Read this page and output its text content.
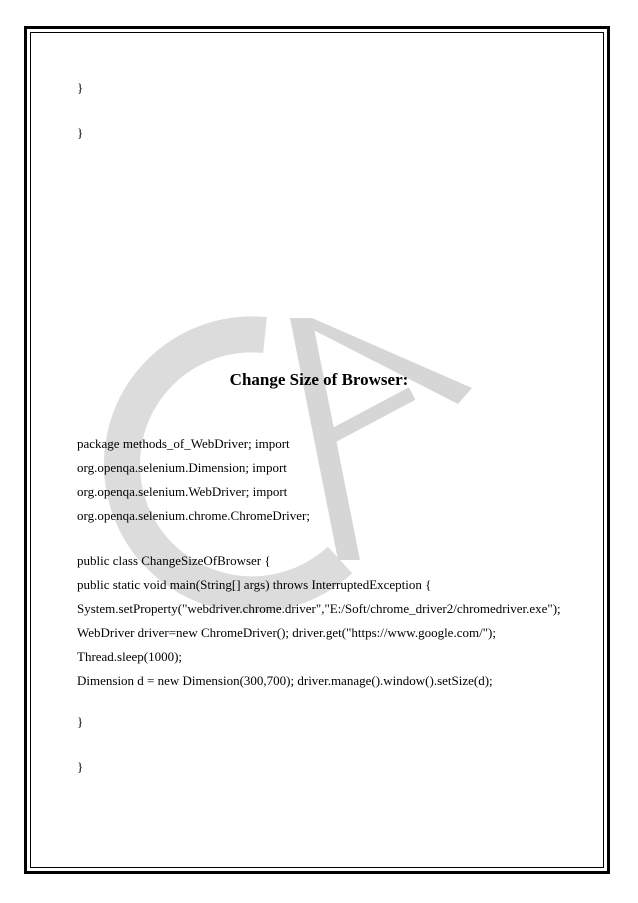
}
}
Change Size of Browser:
package methods_of_WebDriver; import
org.openqa.selenium.Dimension; import
org.openqa.selenium.WebDriver; import
org.openqa.selenium.chrome.ChromeDriver;
public class ChangeSizeOfBrowser {
public static void main(String[] args) throws InterruptedException {
System.setProperty("webdriver.chrome.driver","E:/Soft/chrome_driver2/chromedriver.exe");
WebDriver driver=new ChromeDriver(); driver.get("https://www.google.com/");
Thread.sleep(1000);
Dimension d = new Dimension(300,700); driver.manage().window().setSize(d);
}
}
